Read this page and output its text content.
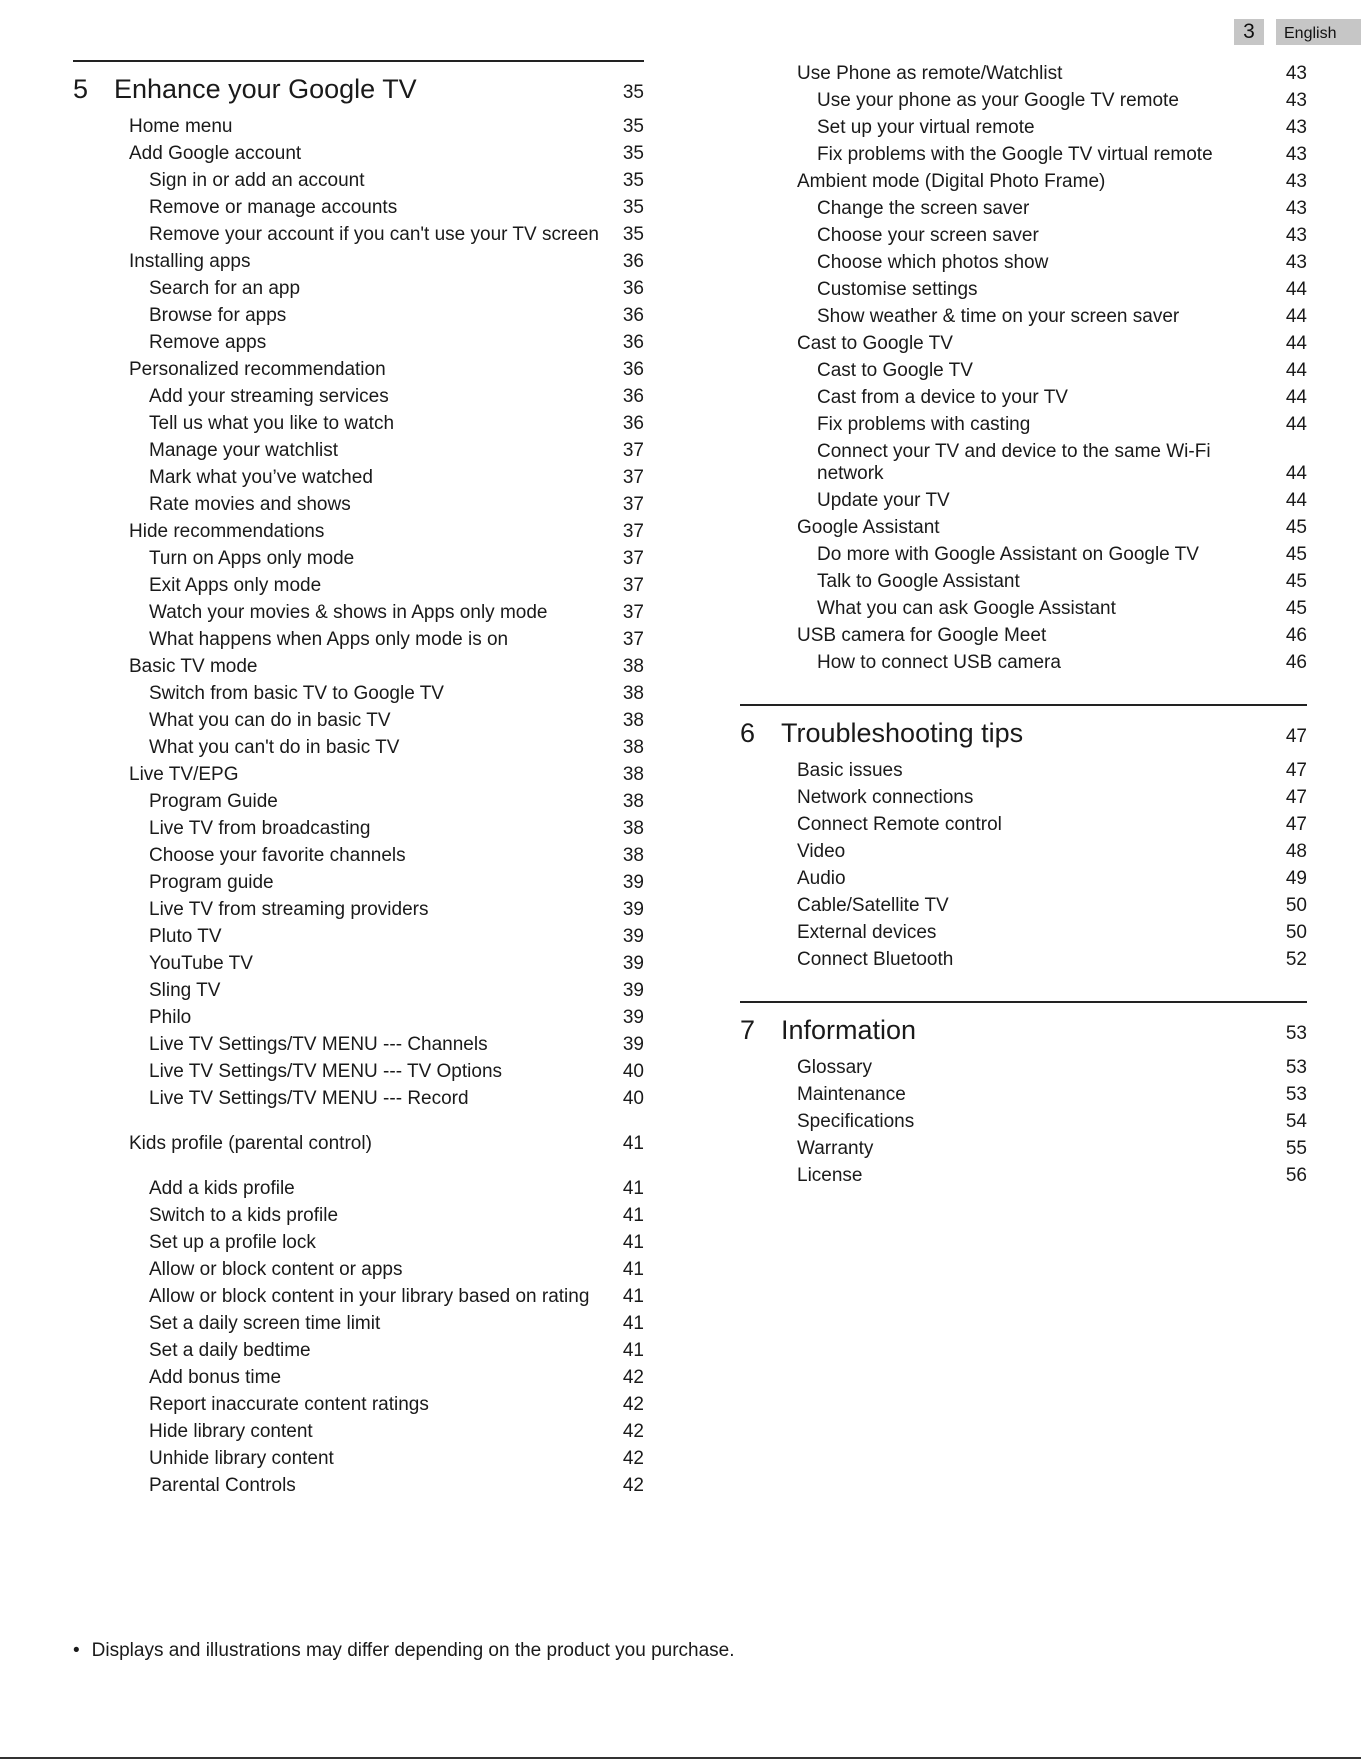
3	English
5 Enhance your Google TV	35
Home menu	35
Add Google account	35
Sign in or add an account	35
Remove or manage accounts	35
Remove your account if you can't use your TV screen	35
Installing apps	36
Search for an app	36
Browse for apps	36
Remove apps	36
Personalized recommendation	36
Add your streaming services	36
Tell us what you like to watch	36
Manage your watchlist	37
Mark what you’ve watched	37
Rate movies and shows	37
Hide recommendations	37
Turn on Apps only mode	37
Exit Apps only mode	37
Watch your movies & shows in Apps only mode	37
What happens when Apps only mode is on	37
Basic TV mode	38
Switch from basic TV to Google TV	38
What you can do in basic TV	38
What you can't do in basic TV	38
Live TV/EPG	38
Program Guide	38
Live TV from broadcasting	38
Choose your favorite channels	38
Program guide	39
Live TV from streaming providers	39
Pluto TV	39
YouTube TV	39
Sling TV	39
Philo	39
Live TV Settings/TV MENU --- Channels	39
Live TV Settings/TV MENU --- TV Options	40
Live TV Settings/TV MENU --- Record	40
Kids profile (parental control)	41
Add a kids profile	41
Switch to a kids profile	41
Set up a profile lock	41
Allow or block content or apps	41
Allow or block content in your library based on rating	41
Set a daily screen time limit	41
Set a daily bedtime	41
Add bonus time	42
Report inaccurate content ratings	42
Hide library content	42
Unhide library content	42
Parental Controls	42
Use Phone as remote/Watchlist	43
Use your phone as your Google TV remote	43
Set up your virtual remote	43
Fix problems with the Google TV virtual remote	43
Ambient mode (Digital Photo Frame)	43
Change the screen saver	43
Choose your screen saver	43
Choose which photos show	43
Customise settings	44
Show weather & time on your screen saver	44
Cast to Google TV	44
Cast to Google TV	44
Cast from a device to your TV	44
Fix problems with casting	44
Connect your TV and device to the same Wi-Fi network	44
Update your TV	44
Google Assistant	45
Do more with Google Assistant on Google TV	45
Talk to Google Assistant	45
What you can ask Google Assistant	45
USB camera for Google Meet	46
How to connect USB camera	46
6 Troubleshooting tips	47
Basic issues	47
Network connections	47
Connect Remote control	47
Video	48
Audio	49
Cable/Satellite TV	50
External devices	50
Connect Bluetooth	52
7 Information	53
Glossary	53
Maintenance	53
Specifications	54
Warranty	55
License	56
• Displays and illustrations may differ depending on the product you purchase.
